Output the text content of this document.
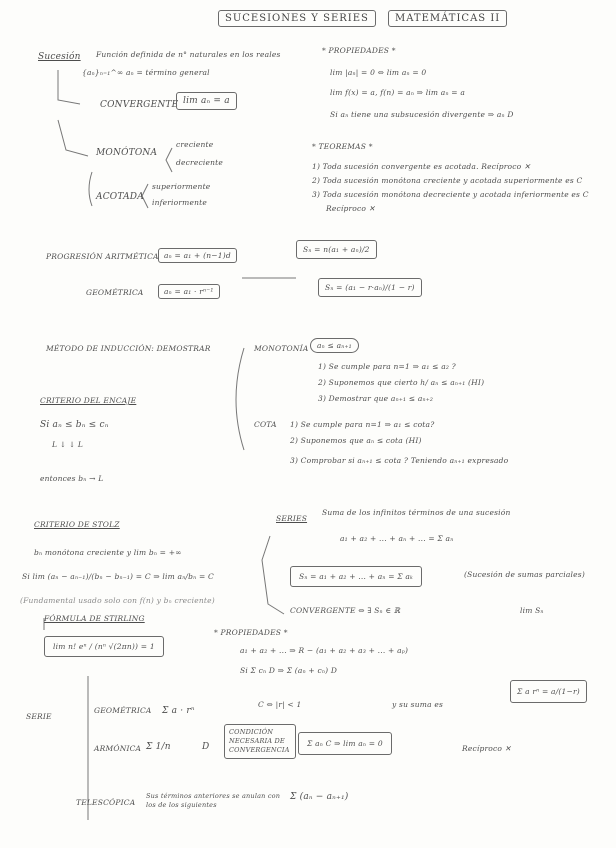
SUCESIONES Y SERIES	MATEMÁTICAS II
Sucesión Función definida de n° naturales en los reales
{aₙ}ₙ₌₁^∞ aₙ = término general
CONVERGENTE lim aₙ = a
MONÓTONA
creciente
decreciente
ACOTADA
superiormente
inferiormente
* PROPIEDADES *
lim |aₙ| = 0 ⇔ lim aₙ = 0
lim f(x) = a, f(n) = aₙ ⇒ lim aₙ = a
Si aₙ tiene una subsucesión divergente ⇒ aₙ D
* TEOREMAS *
1) Toda sucesión convergente es acotada. Recíproco ✕
2) Toda sucesión monótona creciente y acotada superiormente es C
3) Toda sucesión monótona decreciente y acotada inferiormente es C
Recíproco ✕
PROGRESIÓN ARITMÉTICA aₙ = a₁ + (n−1)d
Sₙ = n(a₁ + aₙ)/2
GEOMÉTRICA	aₙ = a₁ · rⁿ⁻¹	Sₙ = (a₁ − r·aₙ)/(1 − r)
MÉTODO DE INDUCCIÓN: DEMOSTRAR	MONOTONÍA	aₙ ≤ aₙ₊₁
1) Se cumple para n=1 ⇒ a₁ ≤ a₂ ?
2) Suponemos que cierto h/ aₙ ≤ aₙ₊₁ (HI)
3) Demostrar que aₙ₊₁ ≤ aₙ₊₂
COTA 1) Se cumple para n=1 ⇒ a₁ ≤ cota?
2) Suponemos que aₙ ≤ cota (HI)
3) Comprobar si aₙ₊₁ ≤ cota ? Teniendo aₙ₊₁ expresado
CRITERIO DEL ENCAJE
Si aₙ ≤ bₙ ≤ cₙ
L ↓ ↓ L
entonces bₙ → L
CRITERIO DE STOLZ
bₙ monótona creciente y lim bₙ = +∞
Si lim (aₙ − aₙ₋₁)/(bₙ − bₙ₋₁) = C ⇒ lim aₙ/bₙ = C
(Fundamental usado solo con f(n) y bₙ creciente)
FÓRMULA DE STIRLING
lim n! eⁿ / (nⁿ √(2πn)) = 1
SERIES
Suma de los infinitos términos de una sucesión
a₁ + a₂ + ... + aₙ + ... = Σ aₙ
Sₙ = a₁ + a₂ + ... + aₙ = Σ aₖ	(Sucesión de sumas parciales)
CONVERGENTE ⇔ ∃ Sₙ ∈ ℝ	lim Sₙ
* PROPIEDADES *
a₁ + a₂ + ... ⇒ R − (a₁ + a₂ + a₃ + ... + aₚ)
Si Σ cₙ D ⇒ Σ (aₙ + cₙ) D
SERIE
GEOMÉTRICA Σ a · rⁿ
C ⇔ |r| < 1	y su suma es
Σ a rⁿ = a/(1−r)
ARMÓNICA Σ 1/n	D
CONDICIÓN NECESARIA DE CONVERGENCIA
Σ aₙ C ⇒ lim aₙ = 0
Recíproco ✕
TELESCÓPICA
Sus términos anteriores se anulan con los de los siguientes
Σ (aₙ − aₙ₊₁)
